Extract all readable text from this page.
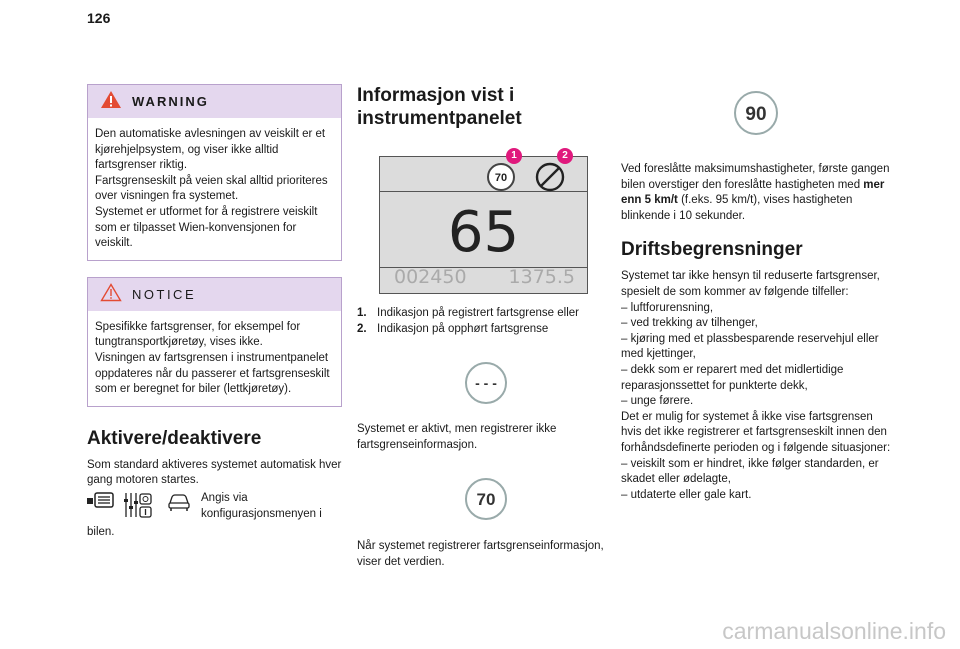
126
WARNING
Den automatiske avlesningen av veiskilt er et kjørehjelpsystem, og viser ikke alltid fartsgrenser riktig.
Fartsgrenseskilt på veien skal alltid prioriteres over visningen fra systemet.
Systemet er utformet for å registrere veiskilt som er tilpasset Wien-konvensjonen for veiskilt.
NOTICE
Spesifikke fartsgrenser, for eksempel for tungtransportkjøretøy, vises ikke.
Visningen av fartsgrensen i instrumentpanelet oppdateres når du passerer et fartsgrenseskilt som er beregnet for biler (lettkjøretøy).
Aktivere/deaktivere

Som standard aktiveres systemet automatisk hver gang motoren startes.

Angis via konfigurasjonsmenyen i

bilen.

Informasjon vist i instrumentpanelet
65
002450 1375.5
70
1	2
1. Indikasjon på registrert fartsgrense eller
2. Indikasjon på opphørt fartsgrense
- - -

Systemet er aktivt, men registrerer ikke fartsgrenseinformasjon.

70

Når systemet registrerer fartsgrenseinformasjon, viser det verdien.

90

Ved foreslåtte maksimumshastigheter, første gangen bilen overstiger den foreslåtte hastigheten med mer enn 5 km/t (f.eks. 95 km/t), vises hastigheten blinkende i 10 sekunder.

Driftsbegrensninger

Systemet tar ikke hensyn til reduserte fartsgrenser, spesielt de som kommer av følgende tilfeller:
– luftforurensning,
– ved trekking av tilhenger,
– kjøring med et plassbesparende reservehjul eller med kjettinger,
– dekk som er reparert med det midlertidige reparasjonssettet for punkterte dekk,
– unge førere.
Det er mulig for systemet å ikke vise fartsgrensen hvis det ikke registrerer et fartsgrenseskilt innen den forhåndsdefinerte perioden og i følgende situasjoner:
– veiskilt som er hindret, ikke følger standarden, er skadet eller ødelagte,
– utdaterte eller gale kart.

carmanualsonline.info
